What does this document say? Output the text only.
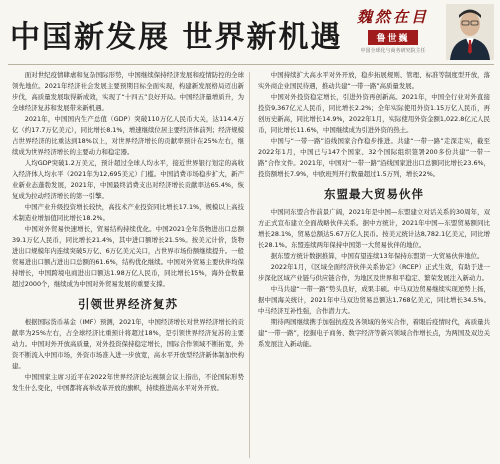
中国新发展 世界新机遇
魏然在目
鲁世巍
中国全球化与商务研究院主任

面对世纪疫情肆虐和复杂国际形势，中国继续保持经济发展和疫情防控的全球领先地位。2021年经济社会发展主要预期目标全面实现，构建新发展格局迈出新步伐，高质量发展取得新成效，实现了“十四五”良好开局。中国经济量增质升，为全球经济复苏和发展带来新机遇。

2021年，中国国内生产总值（GDP）突破110万亿人民币大关，达114.4万亿（约17.7万亿美元），同比增长8.1%，增速继续位居主要经济体前列；经济规模占世界经济的比重达到18%以上，对世界经济增长的贡献率预计在25%左右，继续成为世界经济增长的主要动力和稳定器。

人均GDP突破1.2万美元，预计超过全球人均水平，接近世界银行划定的高收入经济体人均水平（2021年为12,695美元）门槛。中国消费市场稳步扩大，新产业新业态蓬勃发展，2021年，中国最终消费支出对经济增长贡献率达65.4%，恢复成为拉动经济增长的第一引擎。

中国产业升级投资增长较快，高技术产业投资同比增长17.1%，规模以上高技术制造业增加值同比增长18.2%。

中国对外贸易快速增长，贸易结构持续优化。中国2021全年货物进出口总额39.1万亿人民币，同比增长21.4%，其中进口额增长21.5%。按美元计价，货物进出口规模年内连续突破5万亿、6万亿美元关口，占世界市场份额继续提升。一般贸易进出口额占进出口总额的61.6%，结构优化继续。中国对外贸易主要伙伴均保持增长，中国跨境电商进出口额达1.98万亿人民币，同比增长15%，海外仓数量超过2000个，继续成为中国对外贸易发展的重要支撑。

引领世界经济复苏

根据国际货币基金（IMF）预测，2021年，中国经济增长对世界经济增长的贡献率为25%左右，占全球经济比重预计将超过18%，是引领世界经济复苏的主要动力。中国对外开放高质量，对外投资保持稳定增长，国际合作领域不断拓宽，外资不断流入中国市场，外资市场准入进一步放宽，高水平开放型经济新体制加快构建。

中国国家主席习近平在2022年世界经济论坛视频会议上指出，不论国际形势发生什么变化，中国都将高举改革开放的旗帜，持续推进高水平对外开放。

中国持续扩大高水平对外开放，稳步拓展规则、管理、标准等制度型开放，落实外商企业国民待遇，推动共建“一带一路”高质量发展。

中国对外投资稳定增长，引进外资再创新高。2021年，中国全行业对外直接投资9,367亿元人民币，同比增长2.2%；全年实际使用外资1.15万亿人民币，再创历史新高，同比增长14.9%，2022年1月，实际使用外资金额1,022.8亿元人民币，同比增长11.6%，中国继续成为引进外资的热土。

中国与“一带一路”沿线国家合作稳步推进。共建“一带一路”走深走实，截至2022年1月，中国已与147个国家、32个国际组织签署200多份共建“一带一路”合作文件。2021年，中国对“一带一路”沿线国家进出口总额同比增长23.6%，投资额增长7.9%，中欧班列开行数量超过1.5万列，增长22%。

东盟最大贸易伙伴

中国同东盟合作前景广阔，2021年是中国—东盟建立对话关系的30周年，双方正式宣布建立全面战略伙伴关系。据中方统计，2021年中国—东盟贸易额同比增长28.1%，贸易总额达5.67万亿人民币。按美元统计达8,782.1亿美元，同比增长28.1%。东盟连续两年保持中国第一大贸易伙伴的地位。

据东盟方统计数据推算，中国有望连续13年保持东盟第一大贸易伙伴地位。

2022年1月，《区域全面经济伙伴关系协定》（RCEP）正式生效，有助于进一步深化区域产业链与供应链合作，为地区及世界和平稳定、繁荣发展注入新动力。

中马共建“一带一路”势头良好，成果丰硕。中马双边贸易继续实现逆势上扬，据中国海关统计，2021年中马双边贸易总额达1,768亿美元，同比增长34.5%。中马经济互补性强，合作潜力大。

期待两国继续携手加强抗疫及各领域的务实合作，着眼后疫情时代，高质量共建“一带一路”，挖掘电子商务、数字经济等新兴领域合作增长点，为两国及双边关系发展注入新动能。
